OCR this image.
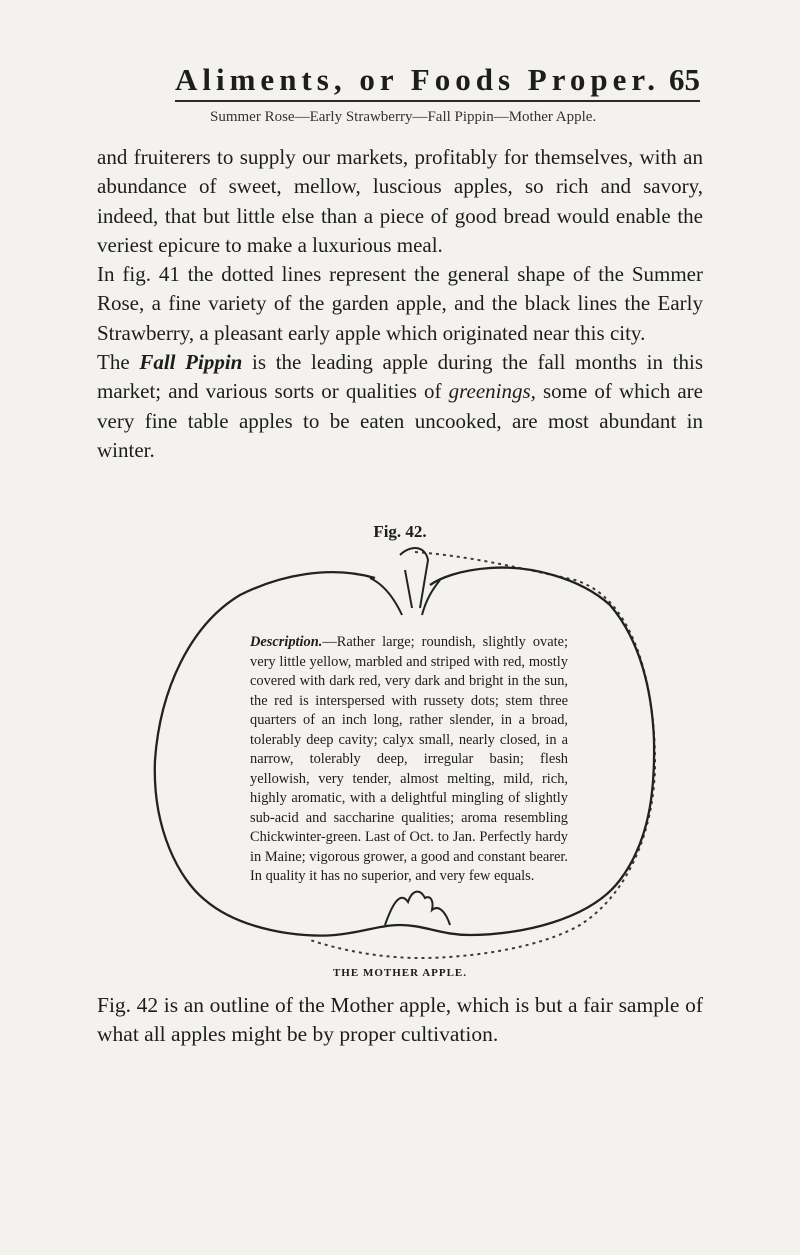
Aliments, or Foods Proper. 65
Summer Rose—Early Strawberry—Fall Pippin—Mother Apple.

and fruiterers to supply our markets, profitably for themselves, with an abundance of sweet, mellow, luscious apples, so rich and savory, indeed, that but little else than a piece of good bread would enable the veriest epicure to make a luxurious meal.

In fig. 41 the dotted lines represent the general shape of the Summer Rose, a fine variety of the garden apple, and the black lines the Early Strawberry, a pleasant early apple which originated near this city.

The Fall Pippin is the leading apple during the fall months in this market; and various sorts or qualities of greenings, some of which are very fine table apples to be eaten uncooked, are most abundant in winter.

Fig. 42.
Description.—Rather large; roundish, slightly ovate; very little yellow, marbled and striped with red, mostly covered with dark red, very dark and bright in the sun, the red is interspersed with russety dots; stem three quarters of an inch long, rather slender, in a broad, tolerably deep cavity; calyx small, nearly closed, in a narrow, tolerably deep, irregular basin; flesh yellowish, very tender, almost melting, mild, rich, highly aromatic, with a delightful mingling of slightly sub-acid and saccharine qualities; aroma resembling Chickwinter-green. Last of Oct. to Jan. Perfectly hardy in Maine; vigorous grower, a good and constant bearer. In quality it has no superior, and very few equals.
THE MOTHER APPLE.

Fig. 42 is an outline of the Mother apple, which is but a fair sample of what all apples might be by proper cultivation.
